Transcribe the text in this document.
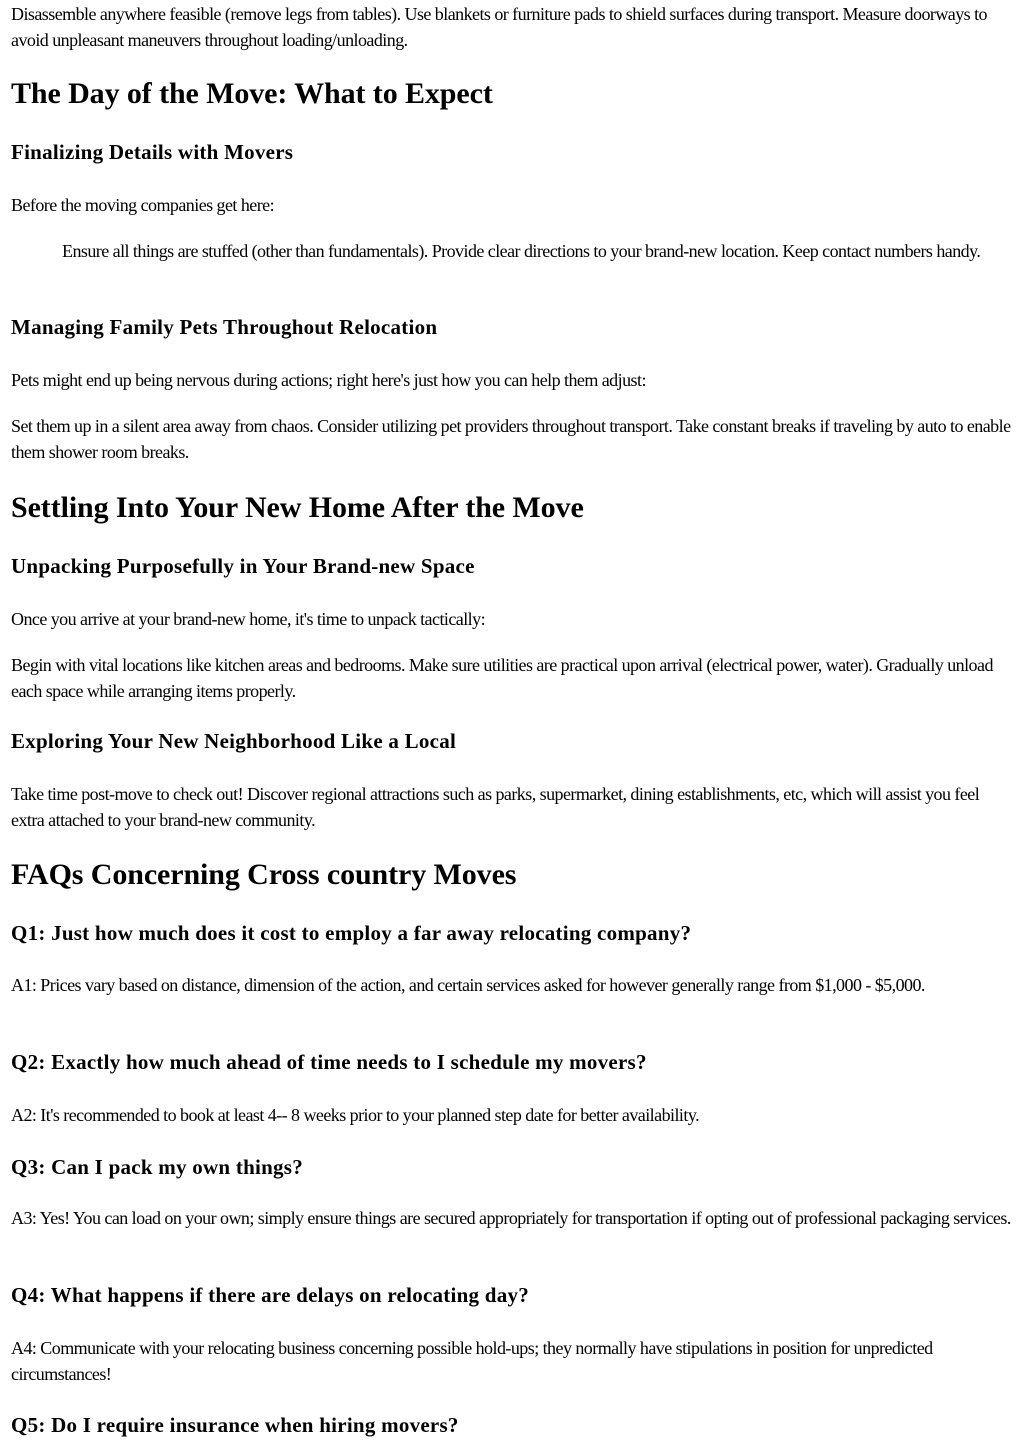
Disassemble anywhere feasible (remove legs from tables). Use blankets or furniture pads to shield surfaces during transport. Measure doorways to avoid unpleasant maneuvers throughout loading/unloading.

The Day of the Move: What to Expect
Finalizing Details with Movers

Before the moving companies get here:

Ensure all things are stuffed (other than fundamentals). Provide clear directions to your brand-new location. Keep contact numbers handy.

Managing Family Pets Throughout Relocation

Pets might end up being nervous during actions; right here's just how you can help them adjust:

Set them up in a silent area away from chaos. Consider utilizing pet providers throughout transport. Take constant breaks if traveling by auto to enable them shower room breaks.

Settling Into Your New Home After the Move
Unpacking Purposefully in Your Brand-new Space

Once you arrive at your brand-new home, it's time to unpack tactically:

Begin with vital locations like kitchen areas and bedrooms. Make sure utilities are practical upon arrival (electrical power, water). Gradually unload each space while arranging items properly.

Exploring Your New Neighborhood Like a Local

Take time post-move to check out! Discover regional attractions such as parks, supermarket, dining establishments, etc, which will assist you feel extra attached to your brand-new community.

FAQs Concerning Cross country Moves
Q1: Just how much does it cost to employ a far away relocating company?

A1: Prices vary based on distance, dimension of the action, and certain services asked for however generally range from $1,000 - $5,000.

Q2: Exactly how much ahead of time needs to I schedule my movers?

A2: It's recommended to book at least 4-- 8 weeks prior to your planned step date for better availability.

Q3: Can I pack my own things?

A3: Yes! You can load on your own; simply ensure things are secured appropriately for transportation if opting out of professional packaging services.

Q4: What happens if there are delays on relocating day?

A4: Communicate with your relocating business concerning possible hold-ups; they normally have stipulations in position for unpredicted circumstances!

Q5: Do I require insurance when hiring movers?
